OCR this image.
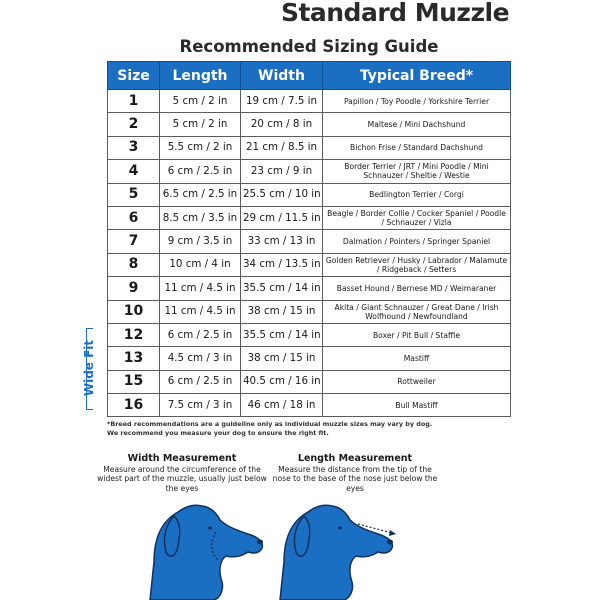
Standard Muzzle
Recommended Sizing Guide
Size	Length	Width	Typical Breed*
1	5 cm / 2 in	19 cm / 7.5 in	Papillon / Toy Poodle / Yorkshire Terrier
2	5 cm / 2 in	20 cm / 8 in	Maltese / Mini Dachshund
3	5.5 cm / 2 in	21 cm / 8.5 in	Bichon Frise / Standard Dachshund
4	6 cm / 2.5 in	23 cm / 9 in	Border Terrier / JRT / Mini Poodle / Mini Schnauzer / Sheltie / Westie
5	6.5 cm / 2.5 in	25.5 cm / 10 in	Bedlington Terrier / Corgi
6	8.5 cm / 3.5 in	29 cm / 11.5 in	Beagle / Border Collie / Cocker Spaniel / Poodle / Schnauzer / Vizla
7	9 cm / 3.5 in	33 cm / 13 in	Dalmation / Pointers / Springer Spaniel
8	10 cm / 4 in	34 cm / 13.5 in	Golden Retriever / Husky / Labrador / Malamute / Ridgeback / Setters
9	11 cm / 4.5 in	35.5 cm / 14 in	Basset Hound / Bernese MD / Weimaraner
10	11 cm / 4.5 in	38 cm / 15 in	Akita / Giant Schnauzer / Great Dane / Irish Wolfhound / Newfoundland
12	6 cm / 2.5 in	35.5 cm / 14 in	Boxer / Pit Bull / Staffie
13	4.5 cm / 3 in	38 cm / 15 in	Mastiff
15	6 cm / 2.5 in	40.5 cm / 16 in	Rottweiler
16	7.5 cm / 3 in	46 cm / 18 in	Bull Mastiff
Wide Fit
*Breed recommendations are a guideline only as individual muzzle sizes may vary by dog.
We recommend you measure your dog to ensure the right fit.
Width Measurement
Measure around the circumference of the widest part of the muzzle, usually just below the eyes
Length Measurement
Measure the distance from the tip of the nose to the base of the nose just below the eyes
